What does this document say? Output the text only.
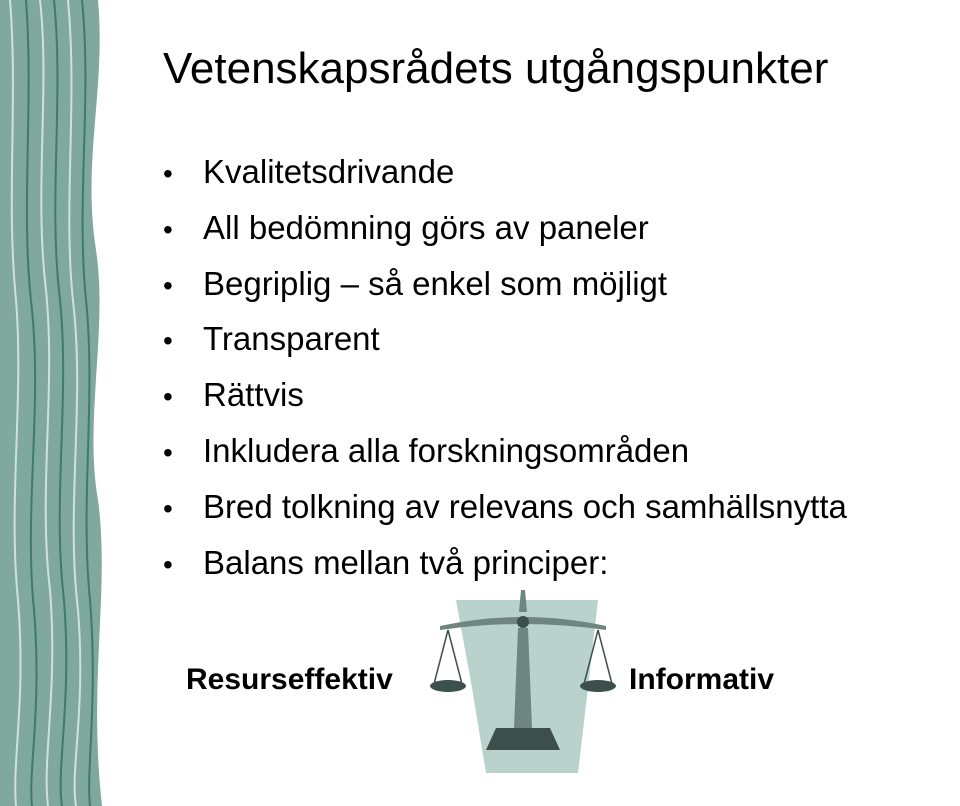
Vetenskapsrådets utgångspunkter
• Kvalitetsdrivande
• All bedömning görs av paneler
• Begriplig – så enkel som möjligt
• Transparent
• Rättvis
• Inkludera alla forskningsområden
• Bred tolkning av relevans och samhällsnytta
• Balans mellan två principer:
Resurseffektiv	Informativ
